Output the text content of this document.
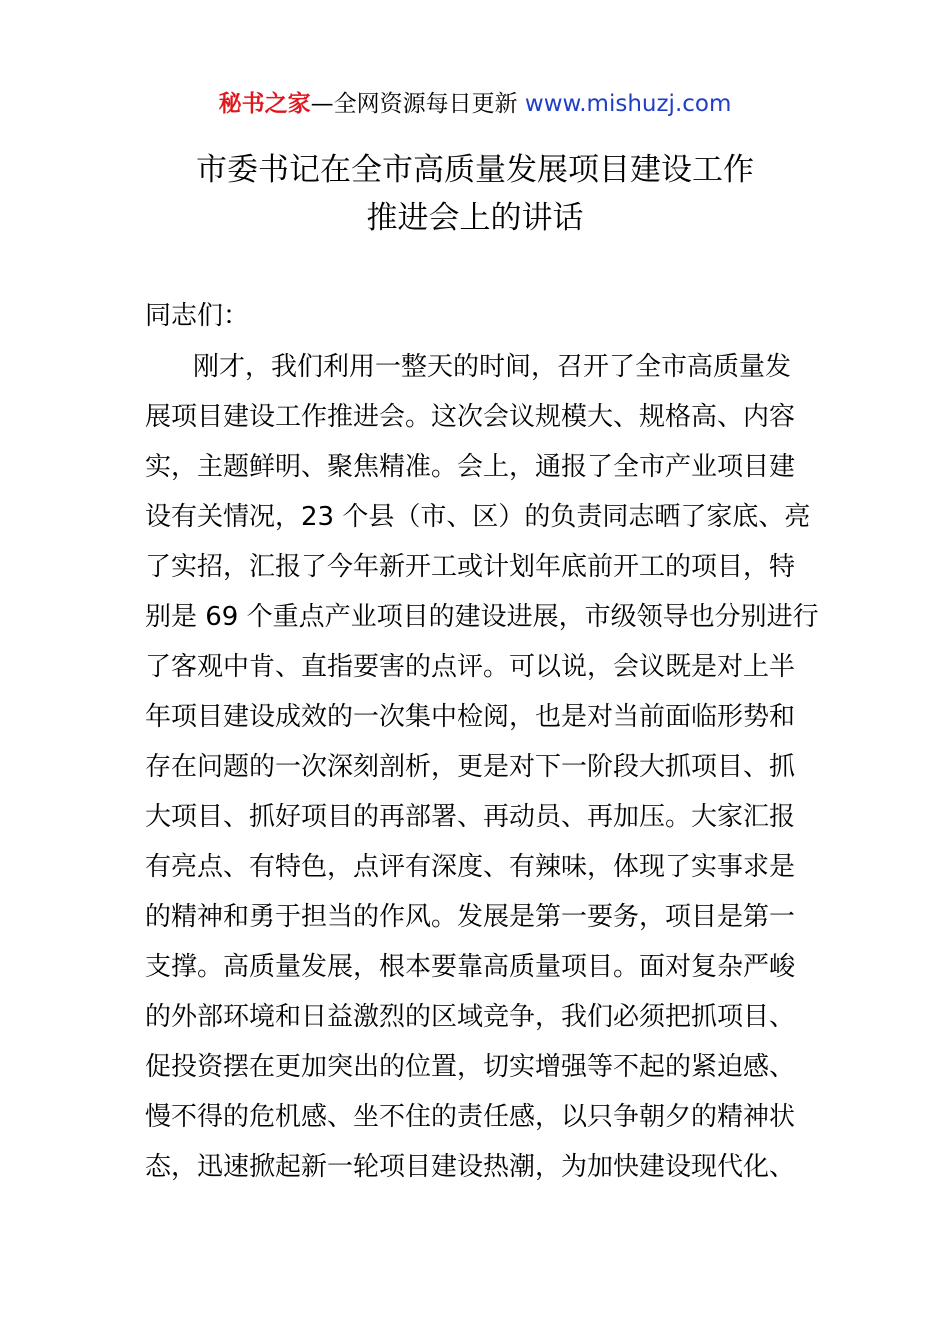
秘书之家—全网资源每日更新 www.mishuzj.com
市委书记在全市高质量发展项目建设工作
推进会上的讲话
同志们：
刚才，我们利用一整天的时间，召开了全市高质量发
展项目建设工作推进会。这次会议规模大、规格高、内容
实，主题鲜明、聚焦精准。会上，通报了全市产业项目建
设有关情况，23 个县（市、区）的负责同志晒了家底、亮
了实招，汇报了今年新开工或计划年底前开工的项目，特
别是 69 个重点产业项目的建设进展，市级领导也分别进行
了客观中肯、直指要害的点评。可以说，会议既是对上半
年项目建设成效的一次集中检阅，也是对当前面临形势和
存在问题的一次深刻剖析，更是对下一阶段大抓项目、抓
大项目、抓好项目的再部署、再动员、再加压。大家汇报
有亮点、有特色，点评有深度、有辣味，体现了实事求是
的精神和勇于担当的作风。发展是第一要务，项目是第一
支撑。高质量发展，根本要靠高质量项目。面对复杂严峻
的外部环境和日益激烈的区域竞争，我们必须把抓项目、
促投资摆在更加突出的位置，切实增强等不起的紧迫感、
慢不得的危机感、坐不住的责任感，以只争朝夕的精神状
态，迅速掀起新一轮项目建设热潮，为加快建设现代化、
